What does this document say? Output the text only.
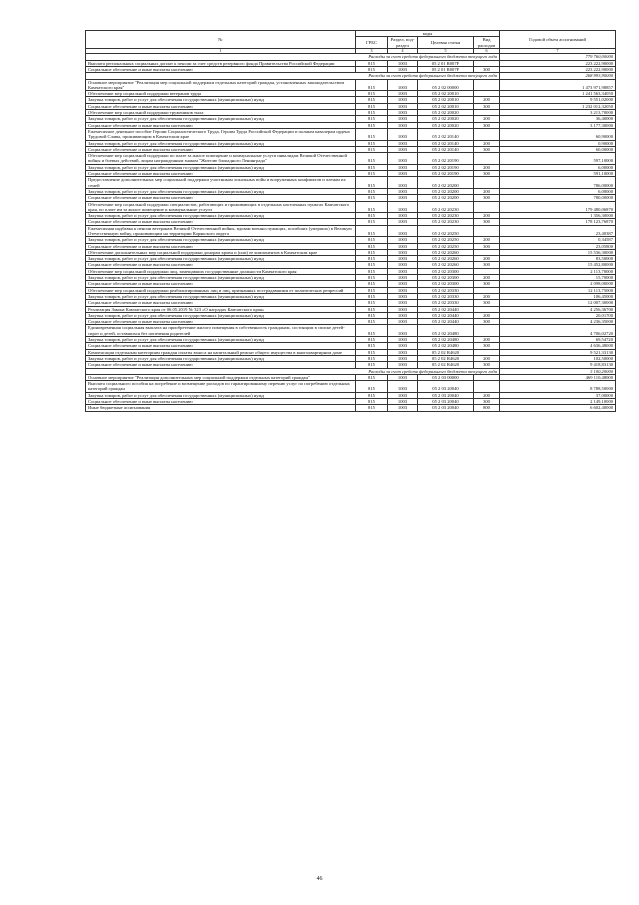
№	коды				Годовой объем ассигнований
	ГРБС	Раздел, под-раздел	Целевая статья	Вид расходов	
1	3	4	5	6	7
Расходы за счет средств федерального бюджета текущего года					779 760,00000
Выплата региональных социальных доплат к пенсии за счет средств резервного фонда Правительства Российской Федерации	815	1003	05 2 01 R007F		223 222,90000
Социальное обеспечение и иные выплаты населению	815	1003	05 2 01 R007F	300	223 222,90000
Расходы за счет средств федерального бюджета текущего года					268 993,90000
Основное мероприятие "Реализация мер социальной поддержки отдельных категорий граждан, установленных законодательством Камчатского края"	815	1003	05 2 02 00000		1 473 971,98857
Обеспечение мер социальной поддержки ветеранов труда	815	1003	05 2 02 20010		1 241 563,34050
Закупка товаров, работ и услуг для обеспечения государственных (муниципальных) нужд	815	1003	05 2 02 20010	200	9 551,02000
Социальное обеспечение и иные выплаты населению	815	1003	05 2 02 20010	300	1 232 012,32050
Обеспечение мер социальной поддержки тружеников тыла	815	1003	05 2 02 20020		3 213,70000
Закупка товаров, работ и услуг для обеспечения государственных (муниципальных) нужд	815	1003	05 2 02 20020	200	36,40000
Социальное обеспечение и иные выплаты населению	815	1003	05 2 02 20020	300	3 177,30000
Ежемесячное денежное пособие Героям Социалистического Труда, Героям Труда Российской Федерации и полным кавалерам ордена Трудовой Славы, проживающим в Камчатском крае	815	1003	05 2 02 20140		60,90000
Закупка товаров, работ и услуг для обеспечения государственных (муниципальных) нужд	815	1003	05 2 02 20140	200	0,90000
Социальное обеспечение и иные выплаты населению	815	1003	05 2 02 20140	300	60,00000
Обеспечение мер социальной поддержки по плате за жилое помещение и коммунальные услуги инвалидам Великой Отечественной войны и боевых действий, лицам награжденным знаком "Жителю блокадного Ленинграда"	815	1003	05 2 02 20190		597,10000
Закупка товаров, работ и услуг для обеспечения государственных (муниципальных) нужд	815	1003	05 2 02 20190	200	6,00000
Социальное обеспечение и иные выплаты населению	815	1003	05 2 02 20190	300	591,10000
Предоставление дополнительных мер социальной поддержки участникам локальных войн и вооруженных конфликтов и членам их семей	815	1003	05 2 02 20200		786,00000
Закупка товаров, работ и услуг для обеспечения государственных (муниципальных) нужд	815	1003	05 2 02 20200	200	6,00000
Социальное обеспечение и иные выплаты населению	815	1003	05 2 02 20200	300	780,00000
Обеспечение мер социальной поддержки специалистов, работающих и проживающих в отдельных населенных пунктах Камчатского края, по плате им за жилое помещение и коммунальные услуги	815	1003	05 2 02 20230		179 480,06870
Закупка товаров, работ и услуг для обеспечения государственных (муниципальных) нужд	815	1003	05 2 02 20230	200	1 356,30000
Социальное обеспечение и иные выплаты населению	815	1003	05 2 02 20230	300	178 123,76870
Ежемесячная надбавка к пенсии ветеранам Великой Отечественной войны, вдовам военнослужащих, погибших (умерших) в Великую Отечественную войну, проживающим на территории Корякского округа	815	1003	05 2 02 20250		23,40387
Закупка товаров, работ и услуг для обеспечения государственных (муниципальных) нужд	815	1003	05 2 02 20250	200	0,34587
Социальное обеспечение и иные выплаты населению	815	1003	05 2 02 20250	300	23,05800
Обеспечение дополнительных мер социальной поддержки донорам крови и (или) ее компонентов в Камчатском крае	815	1003	05 2 02 20260		15 536,30000
Закупка товаров, работ и услуг для обеспечения государственных (муниципальных) нужд	815	1003	05 2 02 20260	200	83,50000
Социальное обеспечение и иные выплаты населению	815	1003	05 2 02 20260	300	15 452,80000
Обеспечение мер социальной поддержки лиц, замещавших государственные должности Камчатского края	815	1003	05 2 02 20300		2 113,70000
Закупка товаров, работ и услуг для обеспечения государственных (муниципальных) нужд	815	1003	05 2 02 20300	200	15,70000
Социальное обеспечение и иные выплаты населению	815	1003	05 2 02 20300	300	2 098,00000
Обеспечение мер социальной поддержки реабилитированных лиц и лиц, признанных пострадавшими от политических репрессий	815	1003	05 2 02 20330		12 113,75000
Закупка товаров, работ и услуг для обеспечения государственных (муниципальных) нужд	815	1003	05 2 02 20330	200	106,45000
Социальное обеспечение и иные выплаты населению	815	1003	05 2 02 20330	300	12 007,30000
Реализация Закона Камчатского края от 06.05.2019 № 323 «О наградах Камчатского края»	815	1003	05 2 02 20440		4 256,36700
Закупка товаров, работ и услуг для обеспечения государственных (муниципальных) нужд	815	1003	05 2 02 20440	200	20,01700
Социальное обеспечение и иные выплаты населению	815	1003	05 2 02 20440	300	4 236,35000
Единовременная социальная выплата на приобретение жилого помещения в собственность гражданам, состоящим в списке детей-сирот и детей, оставшихся без попечения родителей	815	1003	05 2 02 20480		4 706,02720
Закупка товаров, работ и услуг для обеспечения государственных (муниципальных) нужд	815	1003	05 2 02 20480	200	69,54720
Социальное обеспечение и иные выплаты населению	815	1003	05 2 02 20480	300	4 636,48000
Компенсация отдельным категориям граждан оплаты взноса на капитальный ремонт общего имущества в многоквартирном доме	815	1003	05 2 02 R4620		9 521,33130
Закупка товаров, работ и услуг для обеспечения государственных (муниципальных) нужд	815	1003	05 2 02 R4620	200	102,50000
Социальное обеспечение и иные выплаты населению	815	1003	05 2 02 R4620	300	9 418,83130
Расходы за счет средств федерального бюджета текущего года					3 100,20000
Основное мероприятие "Реализация дополнительных мер социальной поддержки отдельных категорий граждан"	815	1003	05 2 03 00000		469 110,48000
Выплата социального пособия на погребение и возмещение расходов по гарантированному перечню услуг по погребению отдельных категорий граждан	815	1003	05 2 03 20040		8 788,50000
Закупка товаров, работ и услуг для обеспечения государственных (муниципальных) нужд	815	1003	05 2 03 20040	200	37,00000
Социальное обеспечение и иные выплаты населению	815	1003	05 2 03 20040	300	2 149,10000
Иные бюджетные ассигнования	815	1003	05 2 03 20040	800	6 602,40000
46
